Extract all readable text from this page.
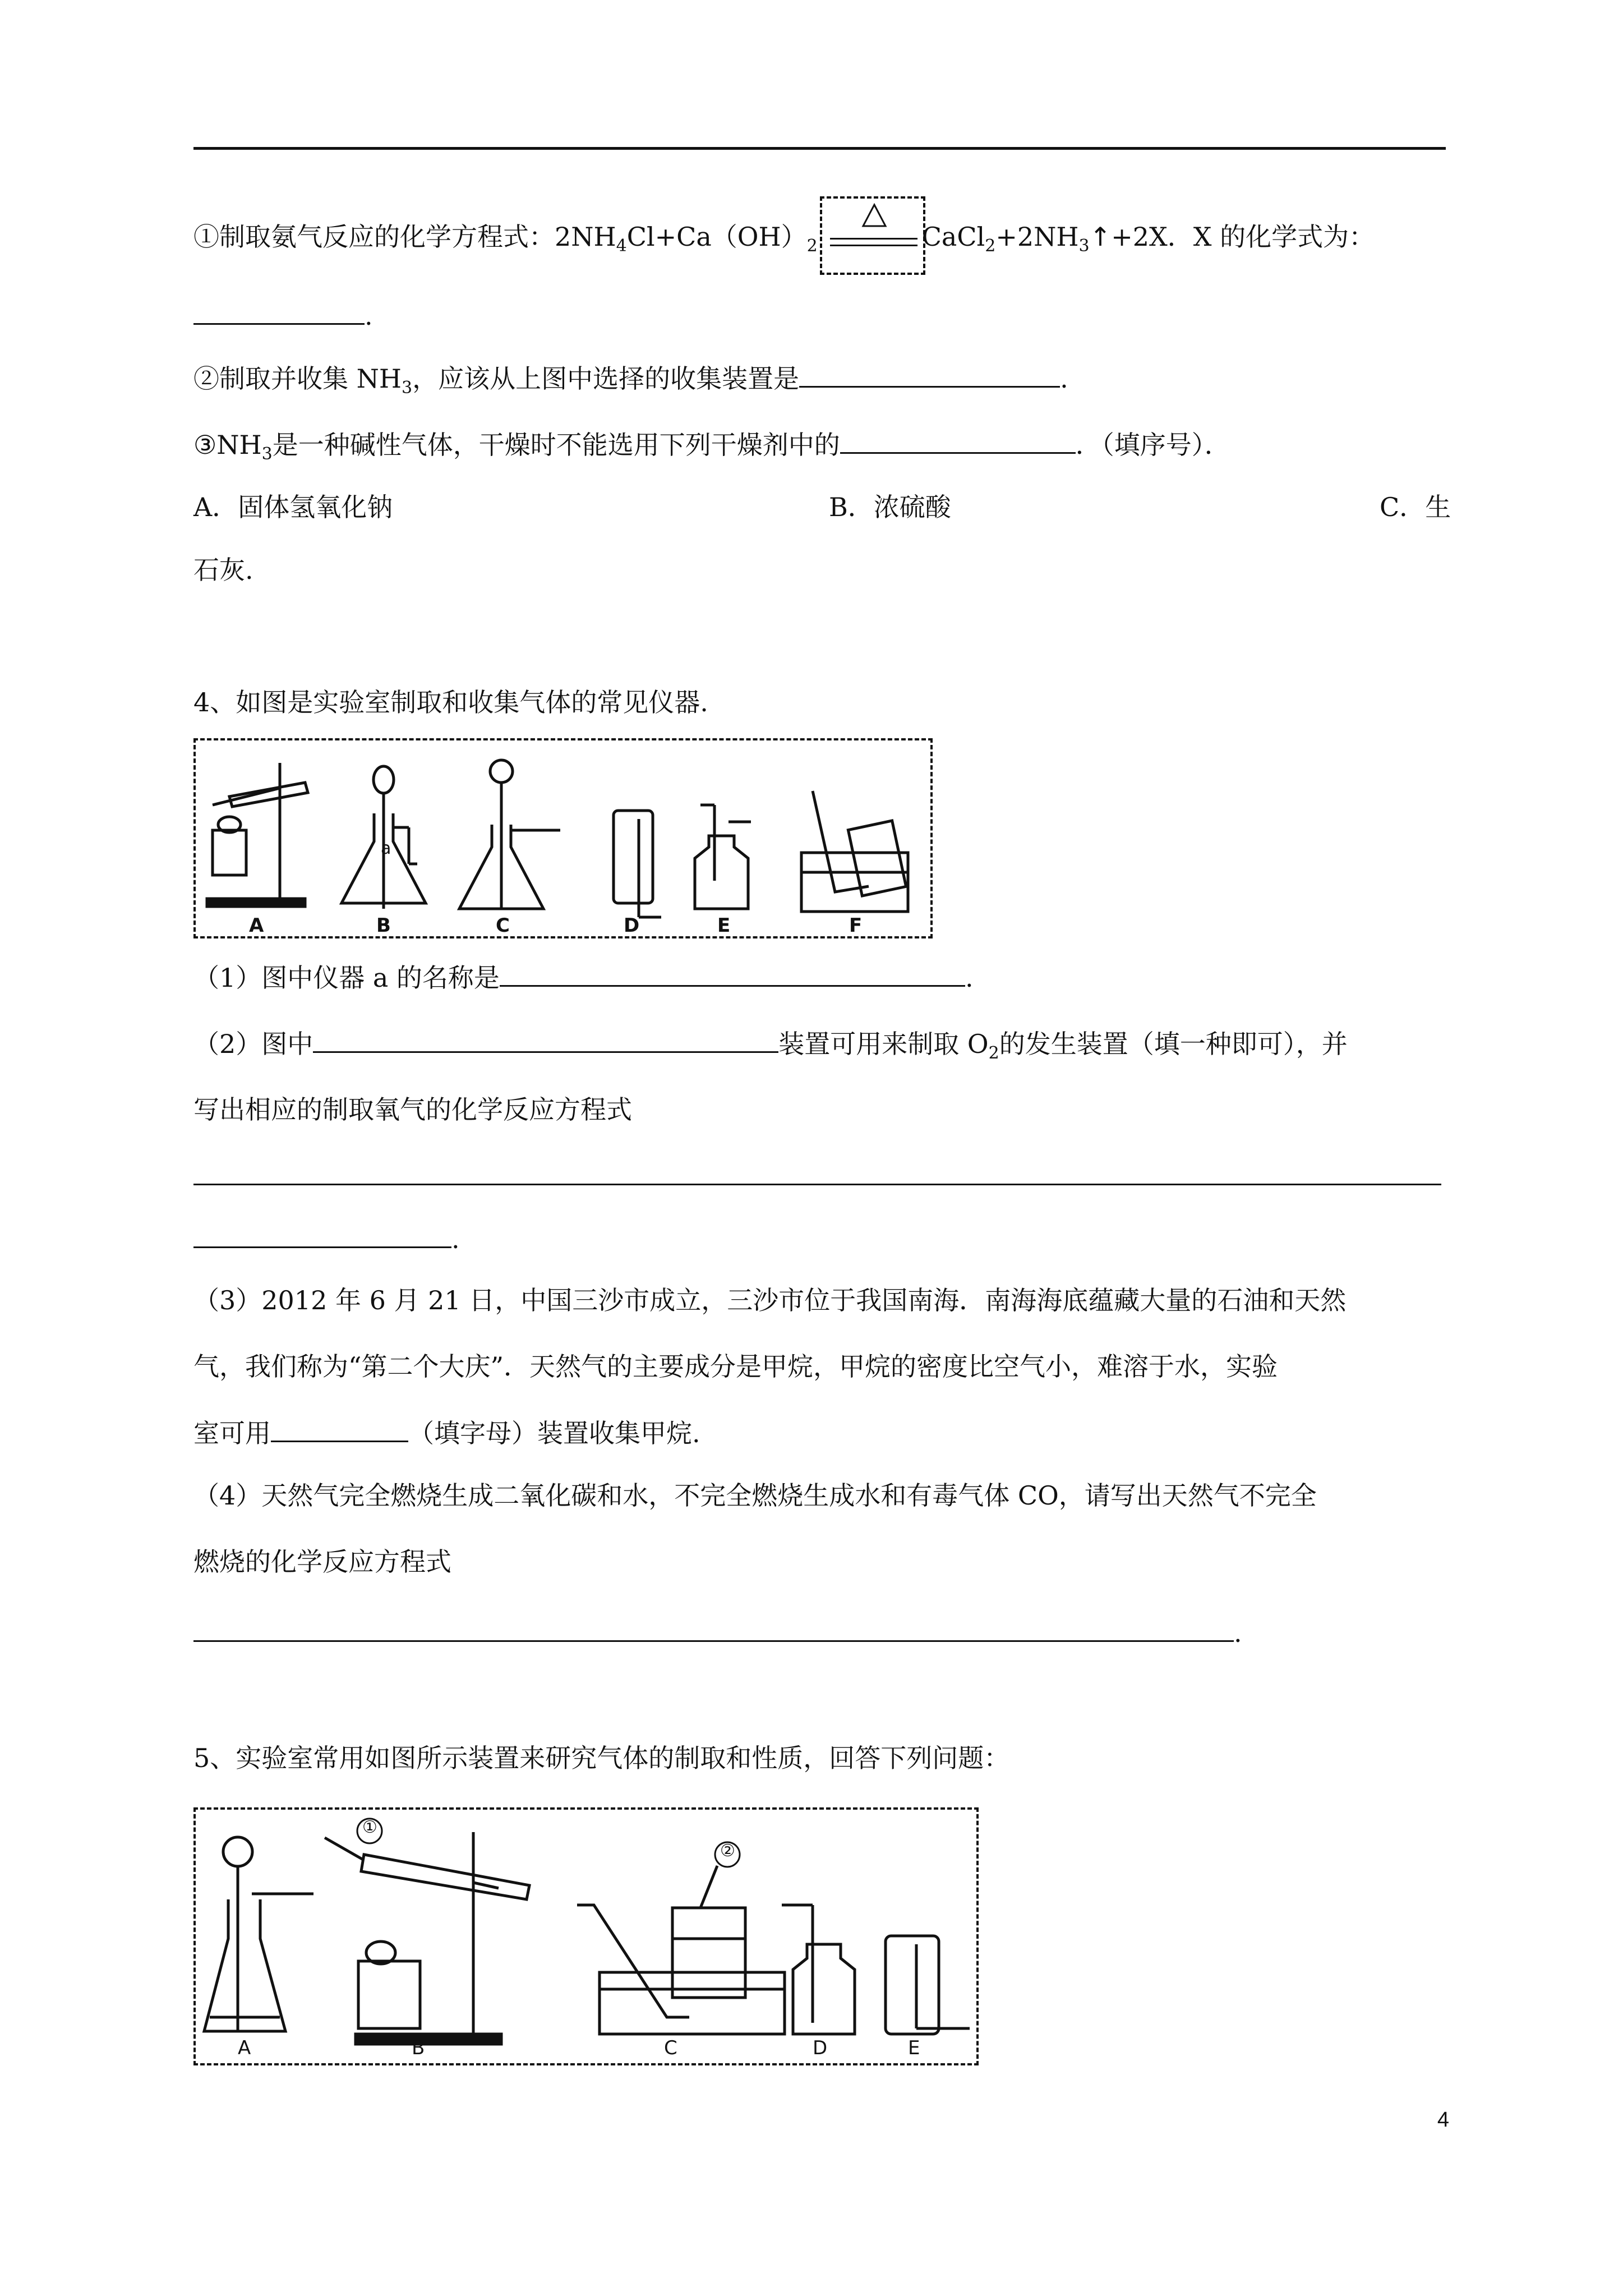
①制取氨气反应的化学方程式：$2NH_4Cl+Ca(OH)_2$	$CaCl_2+2NH_3↑+2X$．X 的化学式为：
.
②制取并收集 $NH_3$，应该从上图中选择的收集装置是	.
$③NH_3$是一种碱性气体，干燥时不能选用下列干燥剂中的	．（填序号）．
A．固体氢氧化钠	B．浓硫酸	C．生
石灰.
4、如图是实验室制取和收集气体的常见仪器.
a
A	B	C	D	E	F
（1）图中仪器 a 的名称是	.
（2）图中	装置可用来制取 $O_2$的发生装置（填一种即可），并
写出相应的制取氧气的化学反应方程式
.
（3）2012 年 6 月 21 日，中国三沙市成立，三沙市位于我国南海．南海海底蕴藏大量的石油和天然
气，我们称为“第二个大庆”．天然气的主要成分是甲烷，甲烷的密度比空气小，难溶于水，实验
室可用	（填字母）装置收集甲烷.
（4）天然气完全燃烧生成二氧化碳和水，不完全燃烧生成水和有毒气体 CO，请写出天然气不完全
燃烧的化学反应方程式
.
5、实验室常用如图所示装置来研究气体的制取和性质，回答下列问题：
①
②
A	B	C	D	E
4
